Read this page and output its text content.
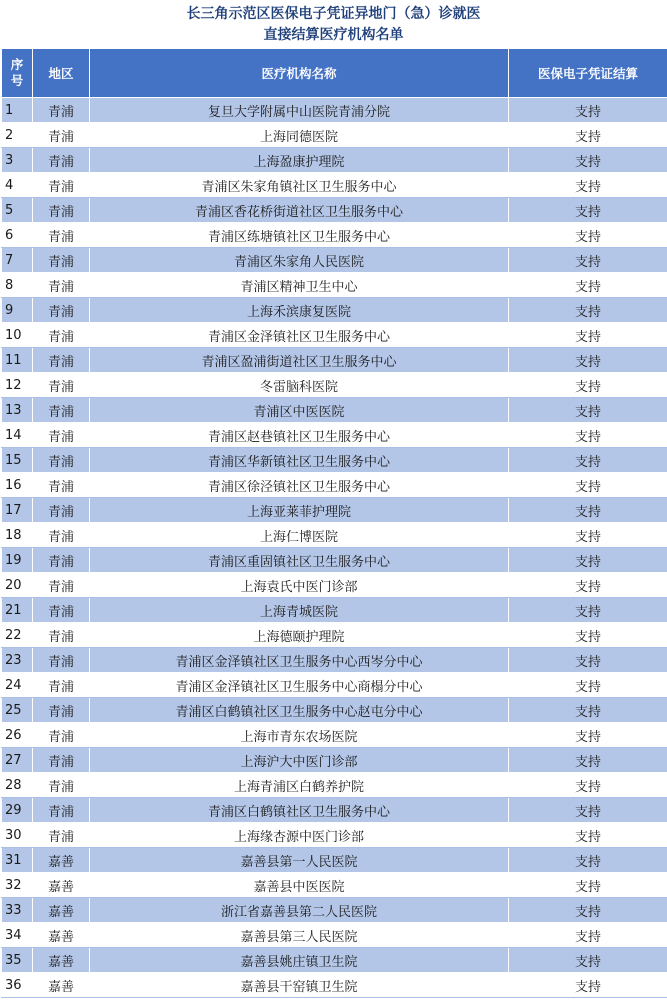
长三角示范区医保电子凭证异地门（急）诊就医
直接结算医疗机构名单
序
号	地区	医疗机构名称	医保电子凭证结算
1	青浦	复旦大学附属中山医院青浦分院	支持
2	青浦	上海同德医院	支持
3	青浦	上海盈康护理院	支持
4	青浦	青浦区朱家角镇社区卫生服务中心	支持
5	青浦	青浦区香花桥街道社区卫生服务中心	支持
6	青浦	青浦区练塘镇社区卫生服务中心	支持
7	青浦	青浦区朱家角人民医院	支持
8	青浦	青浦区精神卫生中心	支持
9	青浦	上海禾滨康复医院	支持
10	青浦	青浦区金泽镇社区卫生服务中心	支持
11	青浦	青浦区盈浦街道社区卫生服务中心	支持
12	青浦	冬雷脑科医院	支持
13	青浦	青浦区中医医院	支持
14	青浦	青浦区赵巷镇社区卫生服务中心	支持
15	青浦	青浦区华新镇社区卫生服务中心	支持
16	青浦	青浦区徐泾镇社区卫生服务中心	支持
17	青浦	上海亚莱菲护理院	支持
18	青浦	上海仁博医院	支持
19	青浦	青浦区重固镇社区卫生服务中心	支持
20	青浦	上海袁氏中医门诊部	支持
21	青浦	上海青城医院	支持
22	青浦	上海德颐护理院	支持
23	青浦	青浦区金泽镇社区卫生服务中心西岑分中心	支持
24	青浦	青浦区金泽镇社区卫生服务中心商榻分中心	支持
25	青浦	青浦区白鹤镇社区卫生服务中心赵屯分中心	支持
26	青浦	上海市青东农场医院	支持
27	青浦	上海沪大中医门诊部	支持
28	青浦	上海青浦区白鹤养护院	支持
29	青浦	青浦区白鹤镇社区卫生服务中心	支持
30	青浦	上海缘杏源中医门诊部	支持
31	嘉善	嘉善县第一人民医院	支持
32	嘉善	嘉善县中医医院	支持
33	嘉善	浙江省嘉善县第二人民医院	支持
34	嘉善	嘉善县第三人民医院	支持
35	嘉善	嘉善县姚庄镇卫生院	支持
36	嘉善	嘉善县干窑镇卫生院	支持
